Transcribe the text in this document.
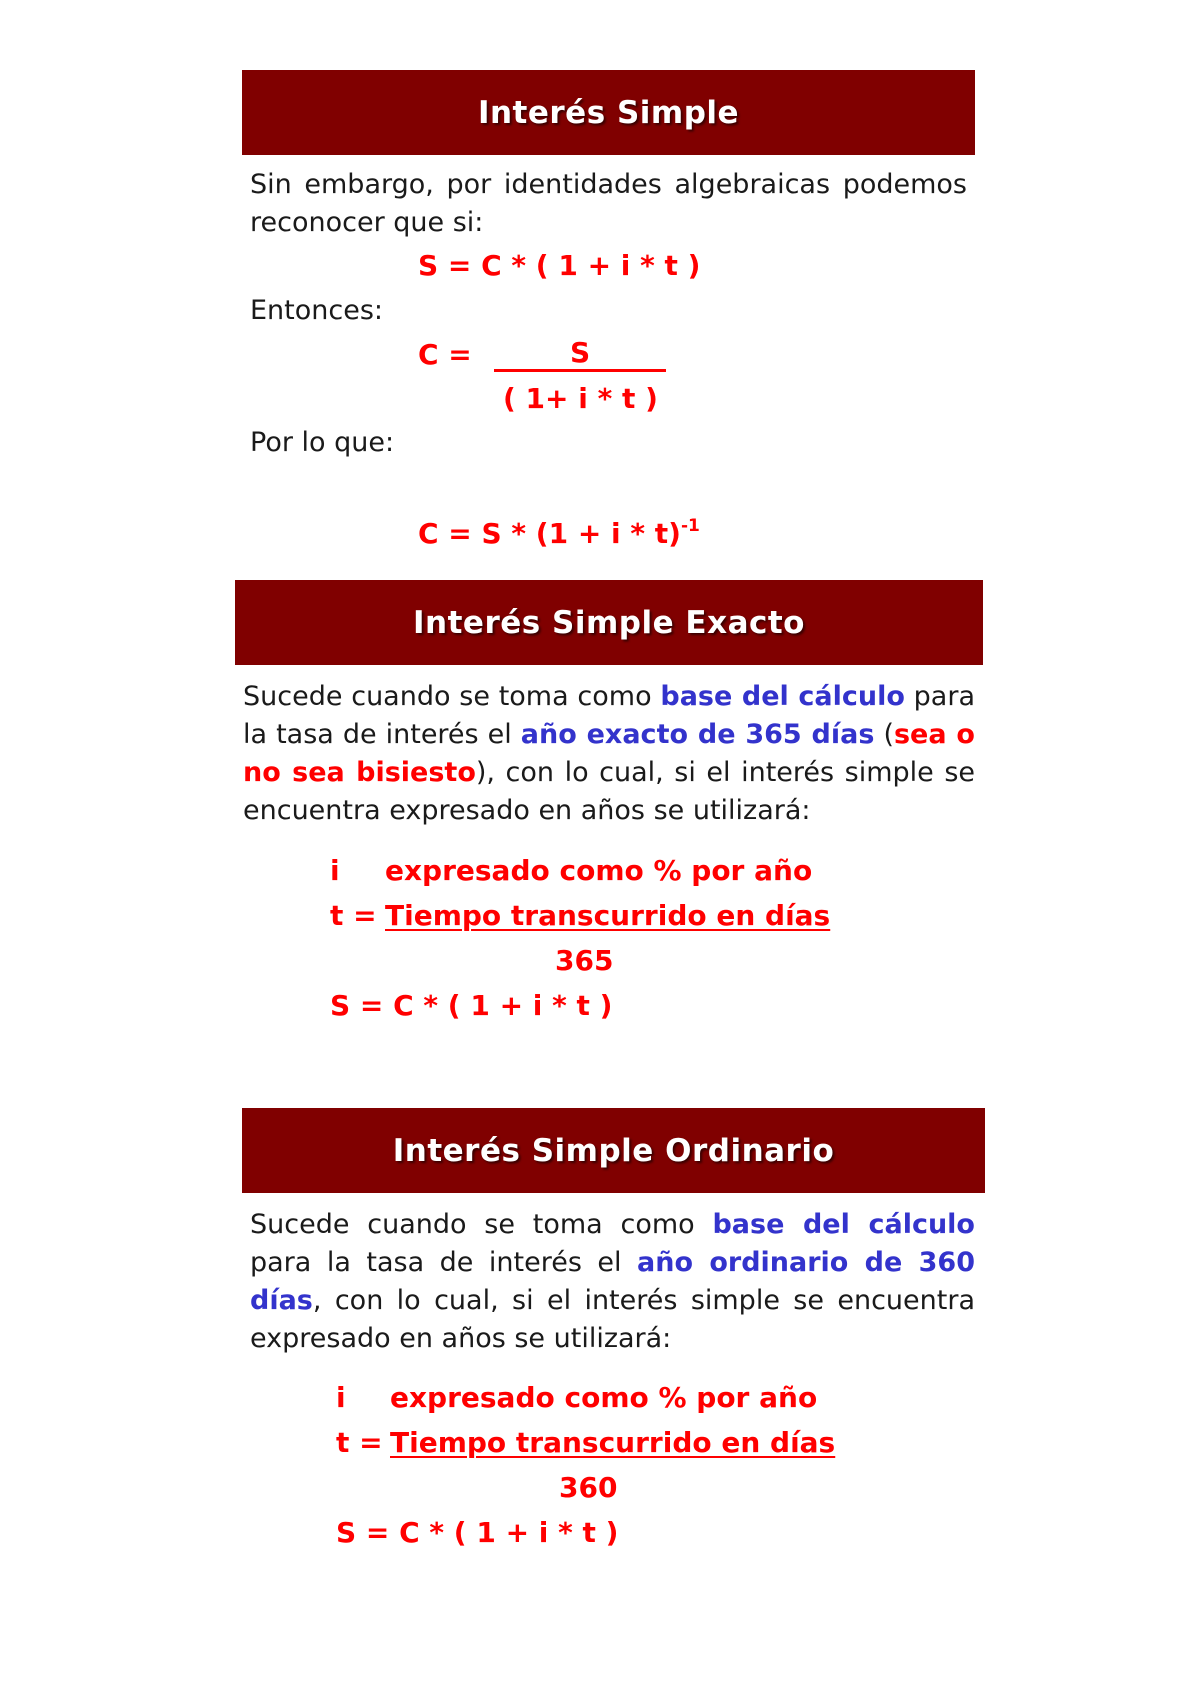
Interés Simple
Sin embargo, por identidades algebraicas podemos reconocer que si:
S = C * ( 1 + i * t )
Entonces:
C =	S
( 1+ i * t )
Por lo que:
$C = S * (1 + i * t)^{-1}$
Interés Simple Exacto
Sucede cuando se toma como base del cálculo para la tasa de interés el año exacto de 365 días (sea o no sea bisiesto), con lo cual, si el interés simple se encuentra expresado en años se utilizará:
i expresado como % por año
t = Tiempo transcurrido en días
365
S = C * ( 1 + i * t )
Interés Simple Ordinario
Sucede cuando se toma como base del cálculo para la tasa de interés el año ordinario de 360 días, con lo cual, si el interés simple se encuentra expresado en años se utilizará:
i expresado como % por año
t = Tiempo transcurrido en días
360
S = C * ( 1 + i * t )
